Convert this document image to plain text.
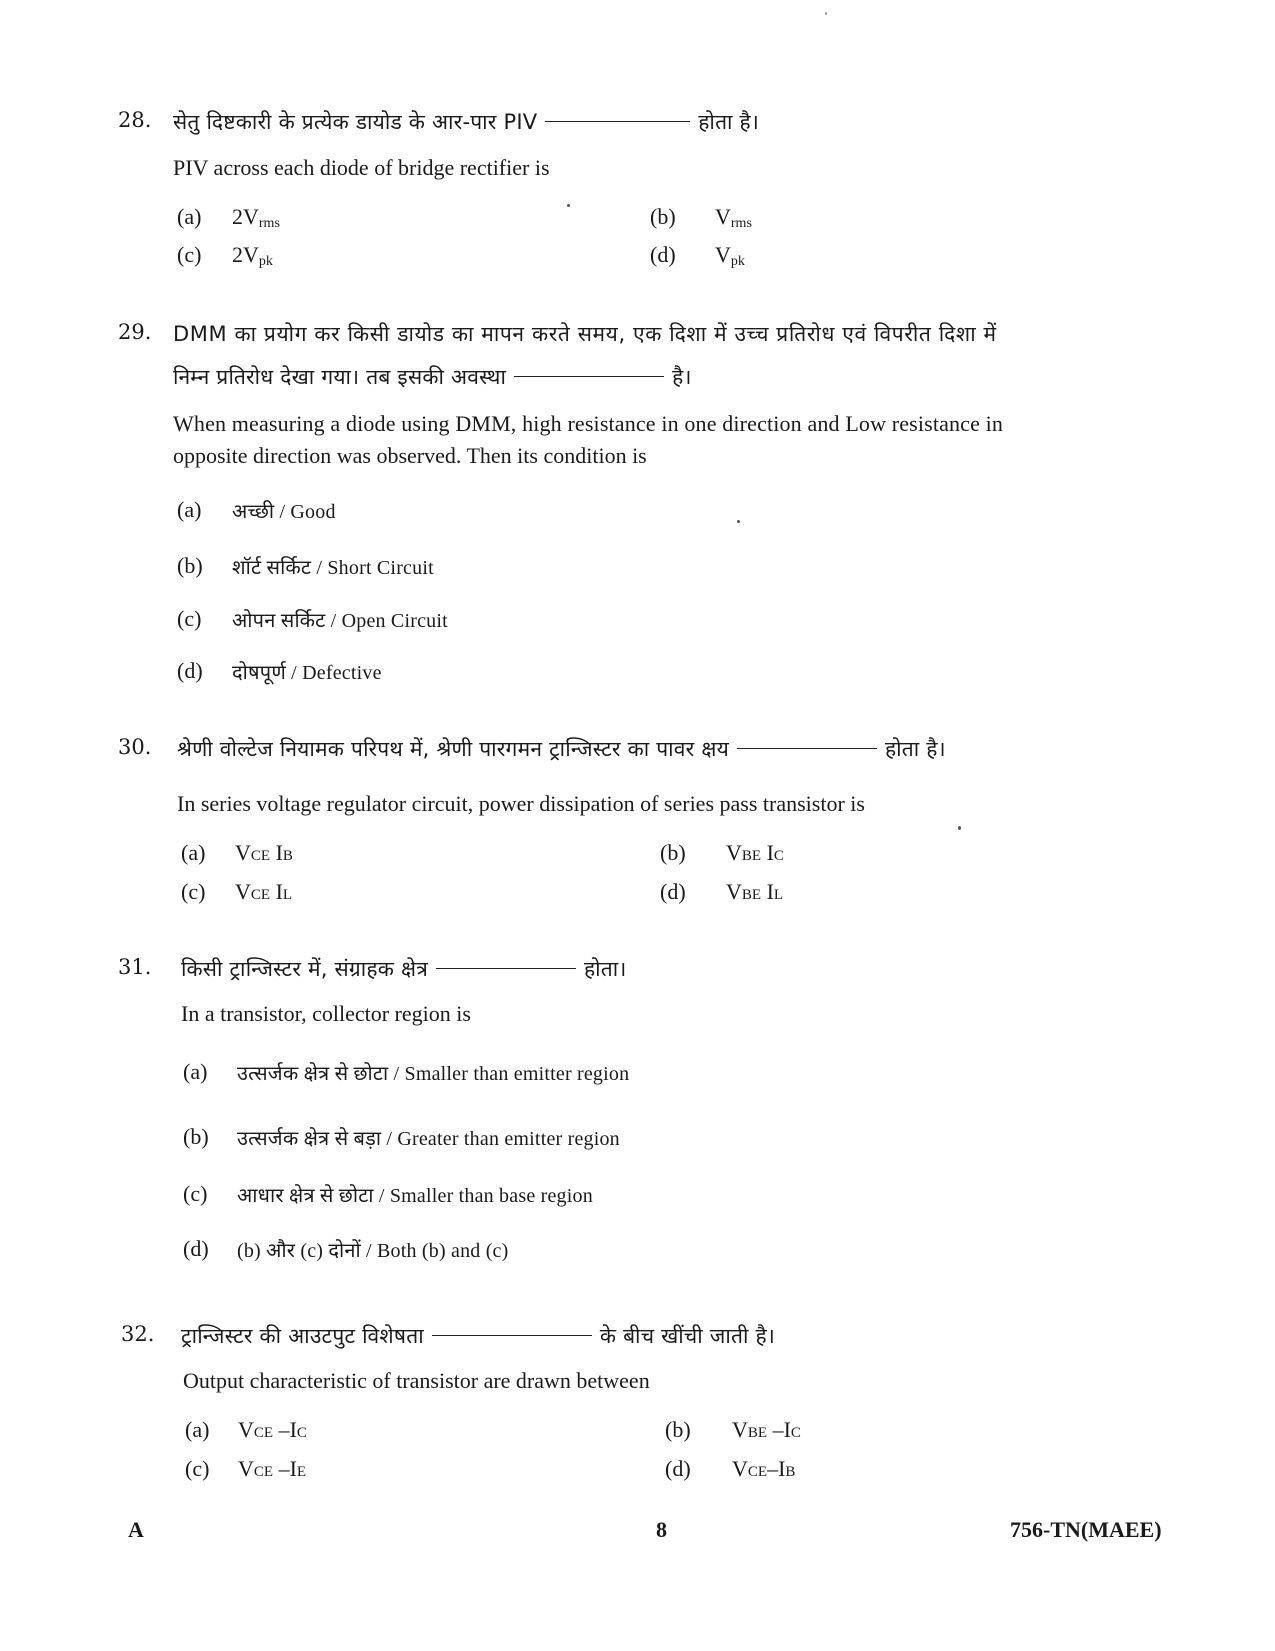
28. सेतु दिष्टकारी के प्रत्येक डायोड के आर-पार PIV	होता है।
PIV across each diode of bridge rectifier is
(a) $2V_{rms}$	(b) $V_{rms}$
(c) $2V_{pk}$	(d) $V_{pk}$
29. DMM का प्रयोग कर किसी डायोड का मापन करते समय, एक दिशा में उच्च प्रतिरोध एवं विपरीत दिशा में
निम्न प्रतिरोध देखा गया। तब इसकी अवस्था	है।
When measuring a diode using DMM, high resistance in one direction and Low resistance in
opposite direction was observed. Then its condition is
(a) अच्छी / Good
(b) शॉर्ट सर्किट / Short Circuit
(c) ओपन सर्किट / Open Circuit
(d) दोषपूर्ण / Defective
30. श्रेणी वोल्टेज नियामक परिपथ में, श्रेणी पारगमन ट्रान्जिस्टर का पावर क्षय	होता है।
In series voltage regulator circuit, power dissipation of series pass transistor is
(a) VCE IB	(b) VBE IC
(c) VCE IL	(d) VBE IL
31. किसी ट्रान्जिस्टर में, संग्राहक क्षेत्र	होता।
In a transistor, collector region is
(a) उत्सर्जक क्षेत्र से छोटा / Smaller than emitter region
(b) उत्सर्जक क्षेत्र से बड़ा / Greater than emitter region
(c) आधार क्षेत्र से छोटा / Smaller than base region
(d) (b) और (c) दोनों / Both (b) and (c)
32. ट्रान्जिस्टर की आउटपुट विशेषता	के बीच खींची जाती है।
Output characteristic of transistor are drawn between
(a) VCE –IC	(b) VBE –IC
(c) VCE –IE	(d) VCE–IB
A	8	756-TN(MAEE)
